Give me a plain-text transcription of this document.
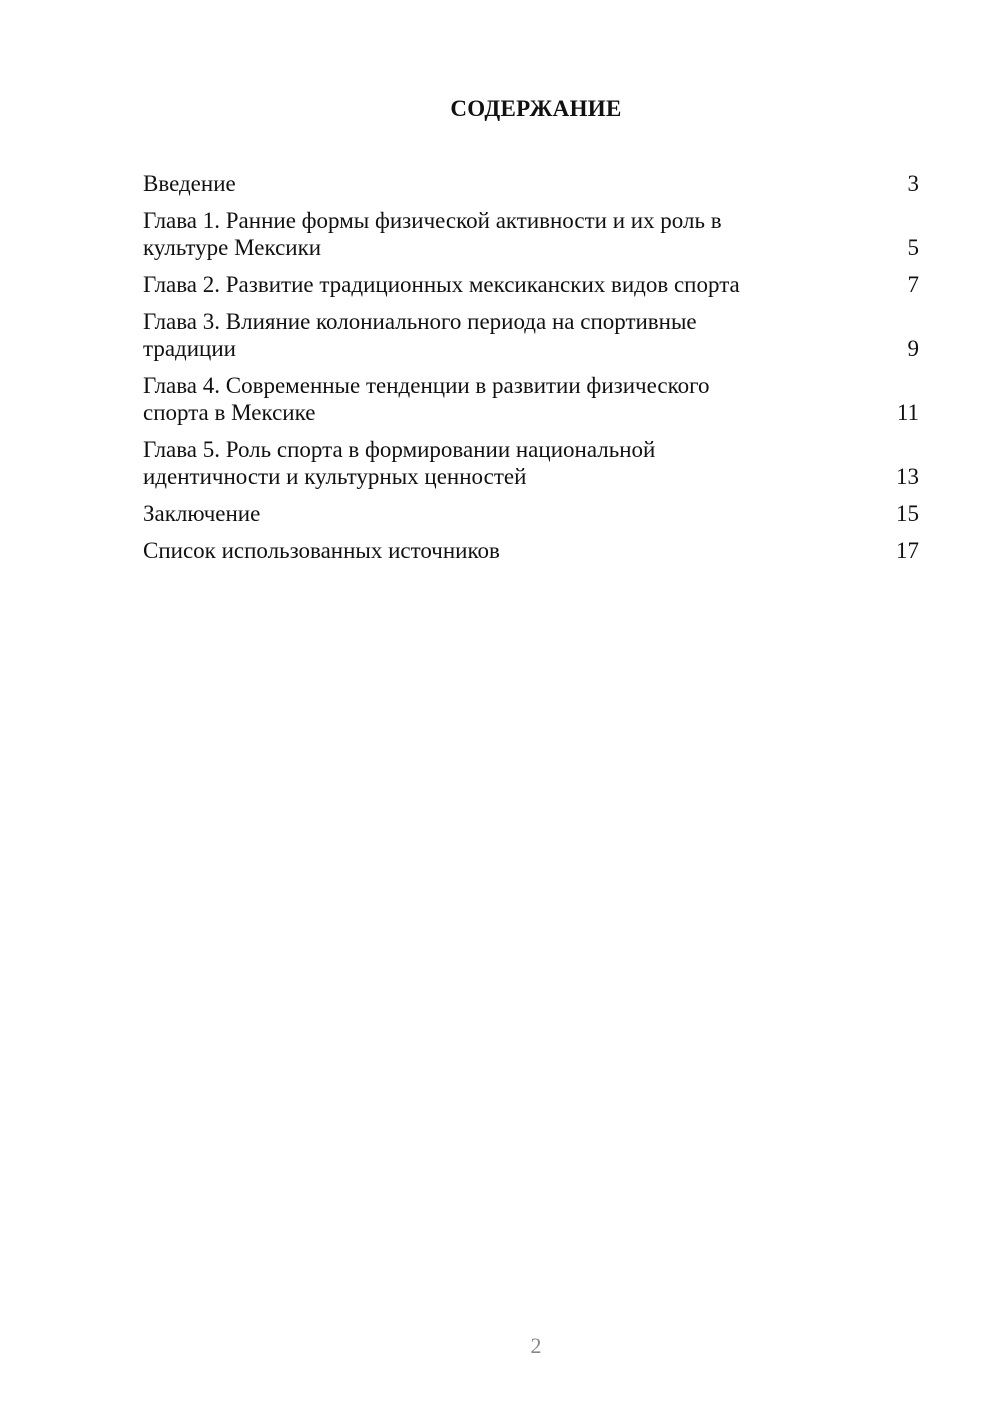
СОДЕРЖАНИЕ
Введение	3
Глава 1. Ранние формы физической активности и их роль в культуре Мексики	5
Глава 2. Развитие традиционных мексиканских видов спорта	7
Глава 3. Влияние колониального периода на спортивные традиции	9
Глава 4. Современные тенденции в развитии физического спорта в Мексике	11
Глава 5. Роль спорта в формировании национальной идентичности и культурных ценностей	13
Заключение	15
Список использованных источников	17
2
